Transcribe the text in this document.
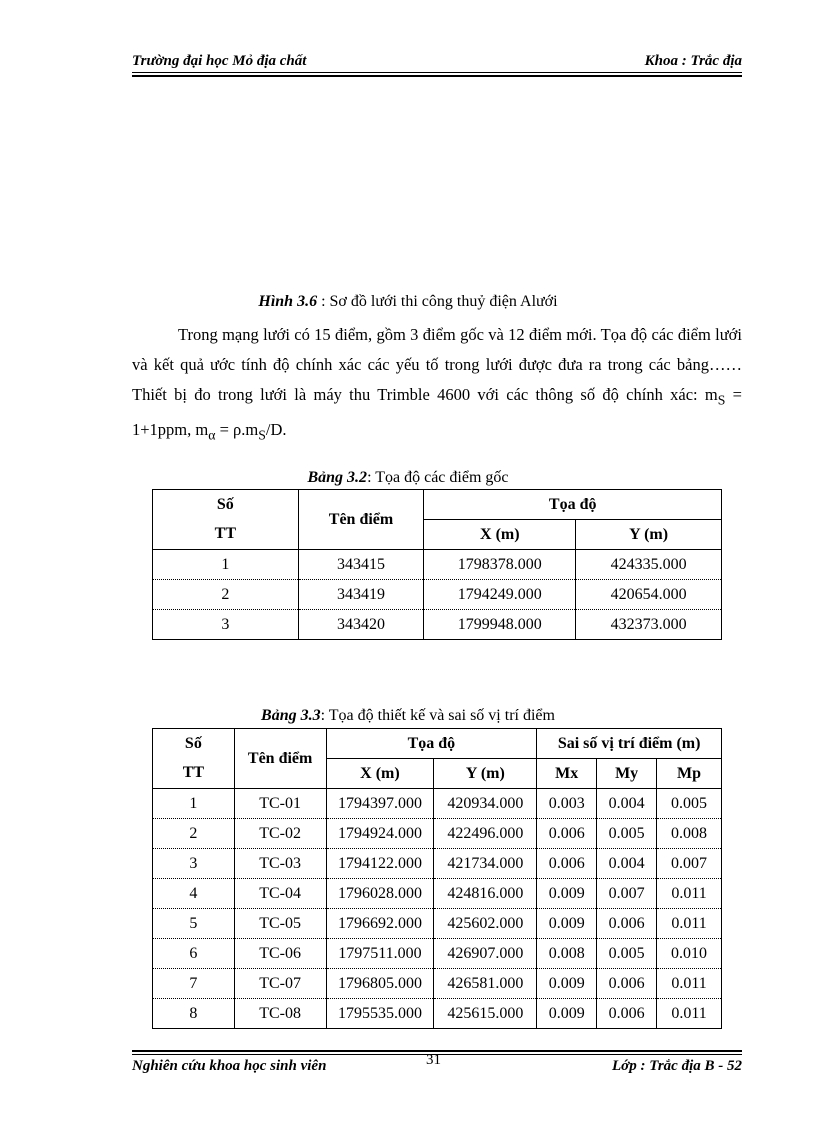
Trường đại học Mỏ địa chất	Khoa : Trắc địa
Hình 3.6 : Sơ đồ lưới thi công thuỷ điện Alưới
Trong mạng lưới có 15 điểm, gồm 3 điểm gốc và 12 điểm mới. Tọa độ các điểm lưới và kết quả ước tính độ chính xác các yếu tố trong lưới được đưa ra trong các bảng…… Thiết bị đo trong lưới là máy thu Trimble 4600 với các thông số độ chính xác: $m_S = 1+1ppm$, $m_\alpha = \rho.m_S/D$.
Bảng 3.2: Tọa độ các điểm gốc
Số	Tên điểm	Tọa độ	
TT		X (m)	Y (m)
1	343415	1798378.000	424335.000
2	343419	1794249.000	420654.000
3	343420	1799948.000	432373.000
Bảng 3.3: Tọa độ thiết kế và sai số vị trí điểm
Số	Tên điểm	Tọa độ		Sai số vị trí điểm (m)		
TT		X (m)	Y (m)	Mx	My	Mp
1	TC-01	1794397.000	420934.000	0.003	0.004	0.005
2	TC-02	1794924.000	422496.000	0.006	0.005	0.008
3	TC-03	1794122.000	421734.000	0.006	0.004	0.007
4	TC-04	1796028.000	424816.000	0.009	0.007	0.011
5	TC-05	1796692.000	425602.000	0.009	0.006	0.011
6	TC-06	1797511.000	426907.000	0.008	0.005	0.010
7	TC-07	1796805.000	426581.000	0.009	0.006	0.011
8	TC-08	1795535.000	425615.000	0.009	0.006	0.011
31
Nghiên cứu khoa học sinh viên	Lớp : Trắc địa B - 52
